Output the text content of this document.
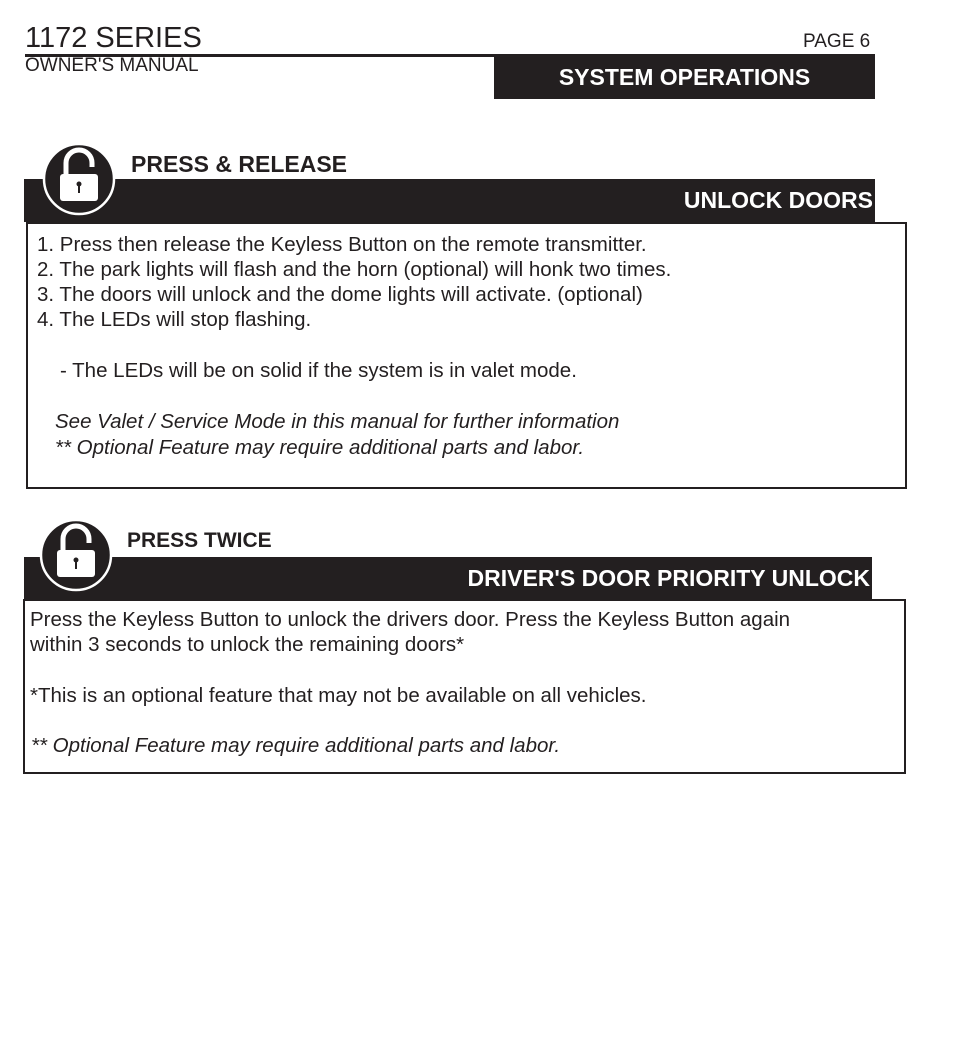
1172 SERIES	PAGE 6
OWNER'S MANUAL	SYSTEM OPERATIONS
UNLOCK DOORS
PRESS & RELEASE
1. Press then release the Keyless Button on the remote transmitter.
2. The park lights will flash and the horn (optional) will honk two times.
3. The doors will unlock and the dome lights will activate. (optional)
4. The LEDs will stop flashing.
- The LEDs will be on solid if the system is in valet mode.
See Valet / Service Mode in this manual for further information
** Optional Feature may require additional parts and labor.
DRIVER'S DOOR PRIORITY UNLOCK
PRESS TWICE
Press the Keyless Button to unlock the drivers door. Press the Keyless Button again
within 3 seconds to unlock the remaining doors*
*This is an optional feature that may not be available on all vehicles.
** Optional Feature may require additional parts and labor.
